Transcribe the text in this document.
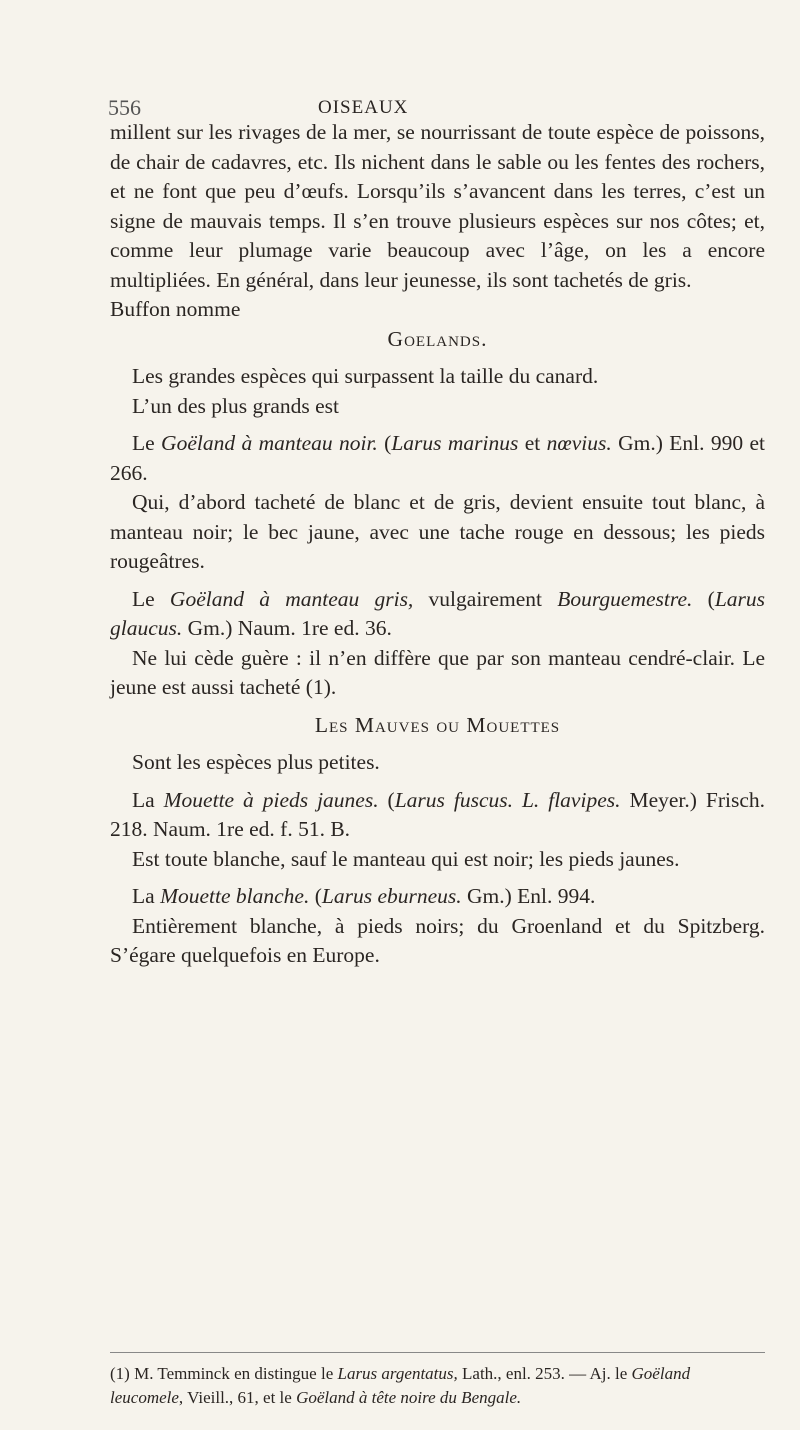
556	OISEAUX

millent sur les rivages de la mer, se nourrissant de toute espèce de poissons, de chair de cadavres, etc. Ils nichent dans le sable ou les fentes des rochers, et ne font que peu d’œufs. Lorsqu’ils s’avancent dans les terres, c’est un signe de mauvais temps. Il s’en trouve plusieurs espèces sur nos côtes; et, comme leur plumage varie beaucoup avec l’âge, on les a encore multipliées. En général, dans leur jeunesse, ils sont tachetés de gris.

Buffon nomme

Goelands.

Les grandes espèces qui surpassent la taille du canard.

L’un des plus grands est

Le Goëland à manteau noir. (Larus marinus et nœvius. Gm.) Enl. 990 et 266.

Qui, d’abord tacheté de blanc et de gris, devient ensuite tout blanc, à manteau noir; le bec jaune, avec une tache rouge en dessous; les pieds rougeâtres.

Le Goëland à manteau gris, vulgairement Bourguemestre. (Larus glaucus. Gm.) Naum. 1re ed. 36.

Ne lui cède guère : il n’en diffère que par son manteau cendré-clair. Le jeune est aussi tacheté (1).

Les Mauves ou Mouettes

Sont les espèces plus petites.

La Mouette à pieds jaunes. (Larus fuscus. L. flavipes. Meyer.) Frisch. 218. Naum. 1re ed. f. 51. B.

Est toute blanche, sauf le manteau qui est noir; les pieds jaunes.

La Mouette blanche. (Larus eburneus. Gm.) Enl. 994.

Entièrement blanche, à pieds noirs; du Groenland et du Spitzberg. S’égare quelquefois en Europe.

(1) M. Temminck en distingue le Larus argentatus, Lath., enl. 253. — Aj. le Goëland leucomele, Vieill., 61, et le Goëland à tête noire du Bengale.
